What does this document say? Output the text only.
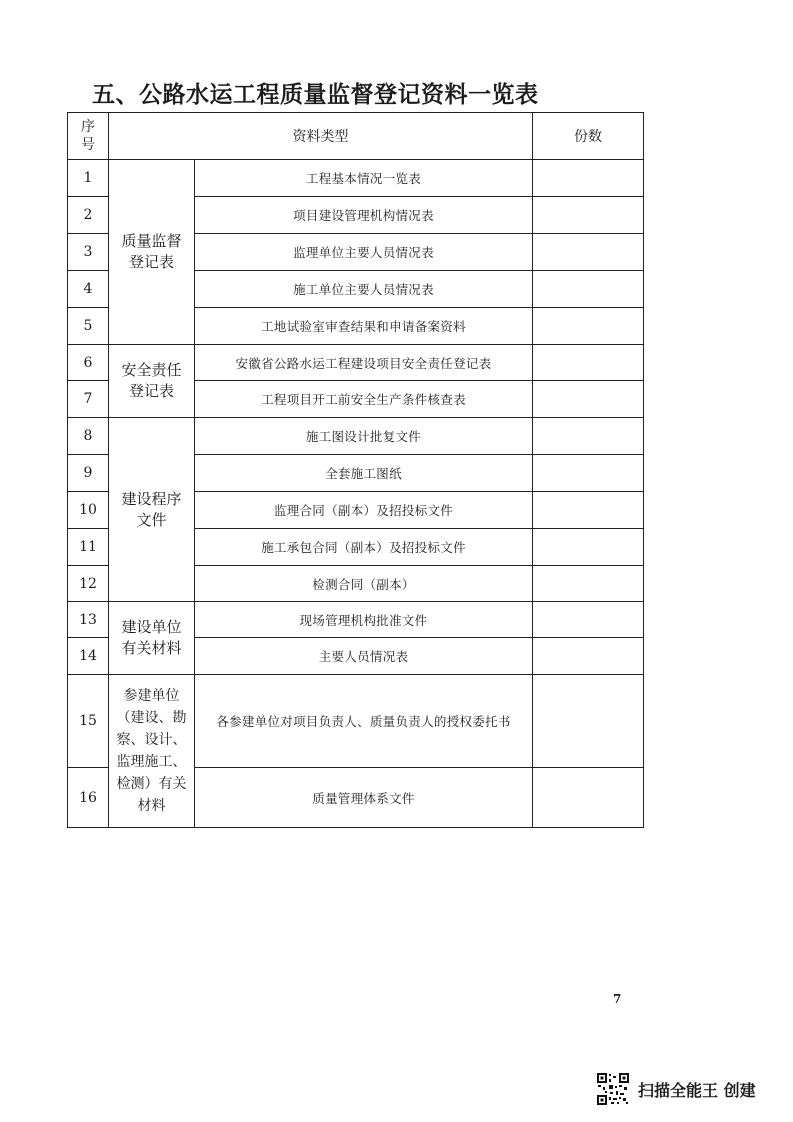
五、公路水运工程质量监督登记资料一览表
序号	资料类型		份数
1	质量监督登记表	工程基本情况一览表	
2		项目建设管理机构情况表	
3		监理单位主要人员情况表	
4		施工单位主要人员情况表	
5		工地试验室审查结果和申请备案资料	
6	安全责任登记表	安徽省公路水运工程建设项目安全责任登记表	
7		工程项目开工前安全生产条件核查表	
8	建设程序文件	施工图设计批复文件	
9		全套施工图纸	
10		监理合同（副本）及招投标文件	
11		施工承包合同（副本）及招投标文件	
12		检测合同（副本）	
13	建设单位有关材料	现场管理机构批准文件	
14		主要人员情况表	
15	参建单位（建设、勘察、设计、监理施工、检测）有关材料	各参建单位对项目负责人、质量负责人的授权委托书	
16		质量管理体系文件	
7
扫描全能王 创建
